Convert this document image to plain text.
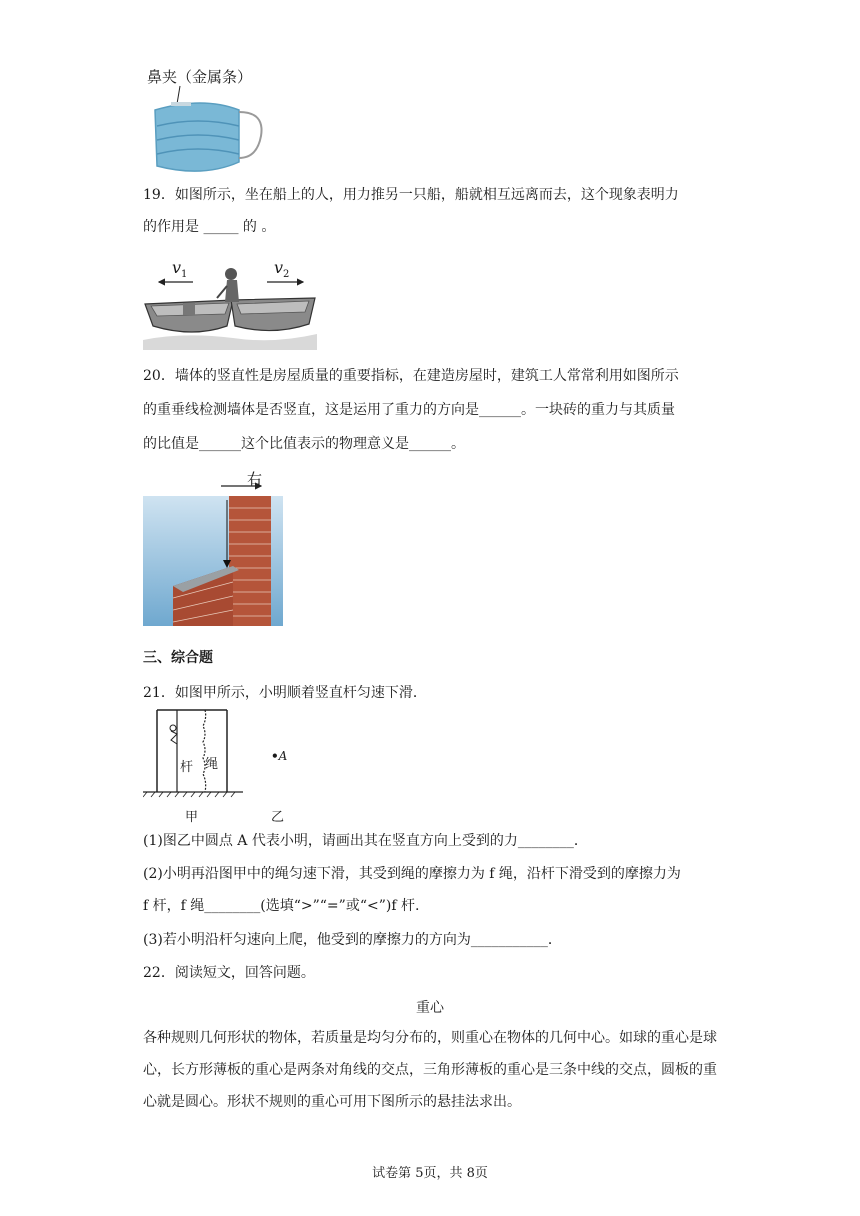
鼻夹（金属条）
19．如图所示，坐在船上的人，用力推另一只船，船就相互远离而去，这个现象表明力
的作用是 _____ 的 。
$v_1$	$v_2$
20．墙体的竖直性是房屋质量的重要指标，在建造房屋时，建筑工人常常利用如图所示
的重垂线检测墙体是否竖直，这是运用了重力的方向是______。一块砖的重力与其质量
的比值是______这个比值表示的物理意义是______。
右
三、综合题
21．如图甲所示，小明顺着竖直杆匀速下滑．
杆 绳
•A
甲	乙
(1)图乙中圆点 A 代表小明，请画出其在竖直方向上受到的力________．
(2)小明再沿图甲中的绳匀速下滑，其受到绳的摩擦力为 f 绳，沿杆下滑受到的摩擦力为
f 杆，f 绳________(选填“>”“=”或“<”)f 杆.
(3)若小明沿杆匀速向上爬，他受到的摩擦力的方向为___________．
22．阅读短文，回答问题。
重心
各种规则几何形状的物体，若质量是均匀分布的，则重心在物体的几何中心。如球的重心是球心，长方形薄板的重心是两条对角线的交点，三角形薄板的重心是三条中线的交点，圆板的重心就是圆心。形状不规则的重心可用下图所示的悬挂法求出。
试卷第 5页，共 8页
